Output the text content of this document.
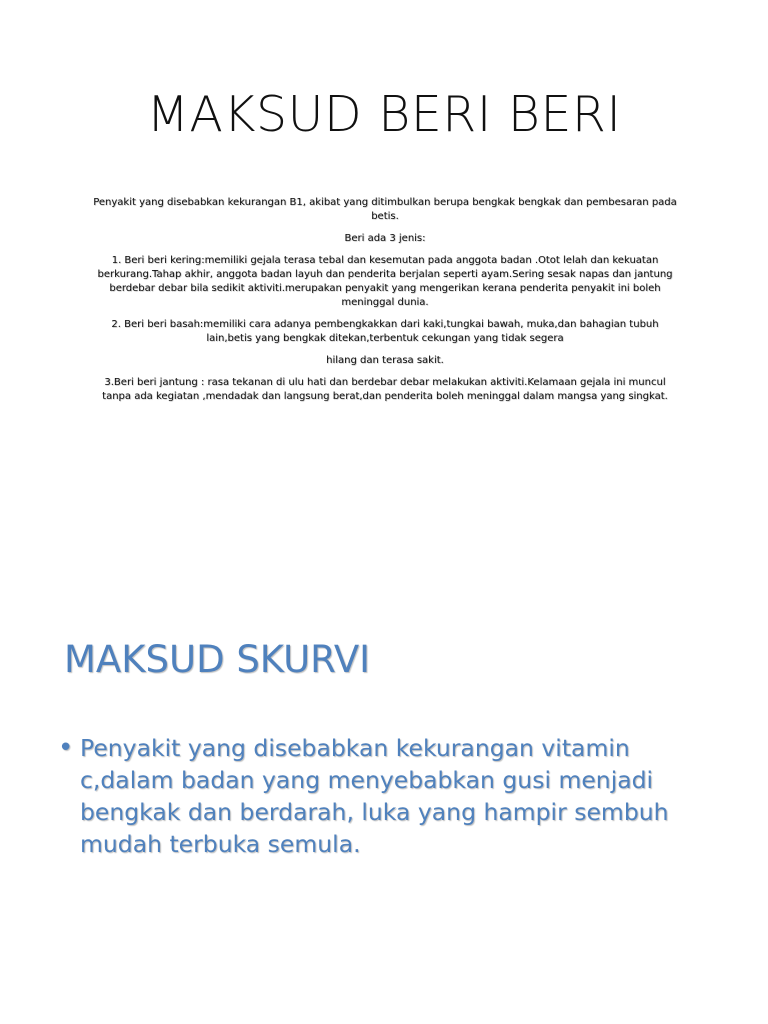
MAKSUD BERI BERI

Penyakit yang disebabkan kekurangan B1, akibat yang ditimbulkan berupa bengkak bengkak dan pembesaran pada betis.

Beri ada 3 jenis:

1. Beri beri kering:memiliki gejala terasa tebal dan kesemutan pada anggota badan .Otot lelah dan kekuatan berkurang.Tahap akhir, anggota badan layuh dan penderita berjalan seperti ayam.Sering sesak napas dan jantung berdebar debar bila sedikit aktiviti.merupakan penyakit yang mengerikan kerana penderita penyakit ini boleh meninggal dunia.

2. Beri beri basah:memiliki cara adanya pembengkakkan dari kaki,tungkai bawah, muka,dan bahagian tubuh lain,betis yang bengkak ditekan,terbentuk cekungan yang tidak segera

hilang dan terasa sakit.

3.Beri beri jantung : rasa tekanan di ulu hati dan berdebar debar melakukan aktiviti.Kelamaan gejala ini muncul tanpa ada kegiatan ,mendadak dan langsung berat,dan penderita boleh meninggal dalam mangsa yang singkat.

MAKSUD SKURVI
• Penyakit yang disebabkan kekurangan vitamin c,dalam badan yang menyebabkan gusi menjadi bengkak dan berdarah, luka yang hampir sembuh mudah terbuka semula.
